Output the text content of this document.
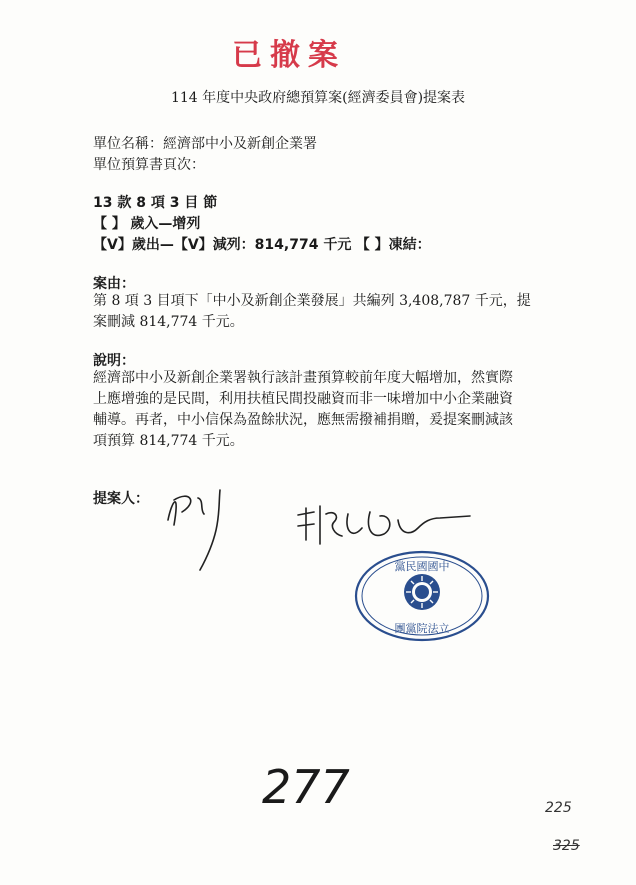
已撤案
114 年度中央政府總預算案(經濟委員會)提案表
單位名稱：經濟部中小及新創企業署
單位預算書頁次：
13 款 8 項 3 目 節
【 】 歲入—增列
【V】歲出—【V】減列：814,774 千元 【 】凍結：
案由：
第 8 項 3 目項下「中小及新創企業發展」共編列 3,408,787 千元，提
案刪減 814,774 千元。
說明：
經濟部中小及新創企業署執行該計畫預算較前年度大幅增加，然實際
上應增強的是民間，利用扶植民間投融資而非一味增加中小企業融資
輔導。再者，中小信保為盈餘狀況，應無需撥補捐贈，爰提案刪減該
項預算 814,774 千元。
提案人：
黨民國國中
團黨院法立
277	225
325
